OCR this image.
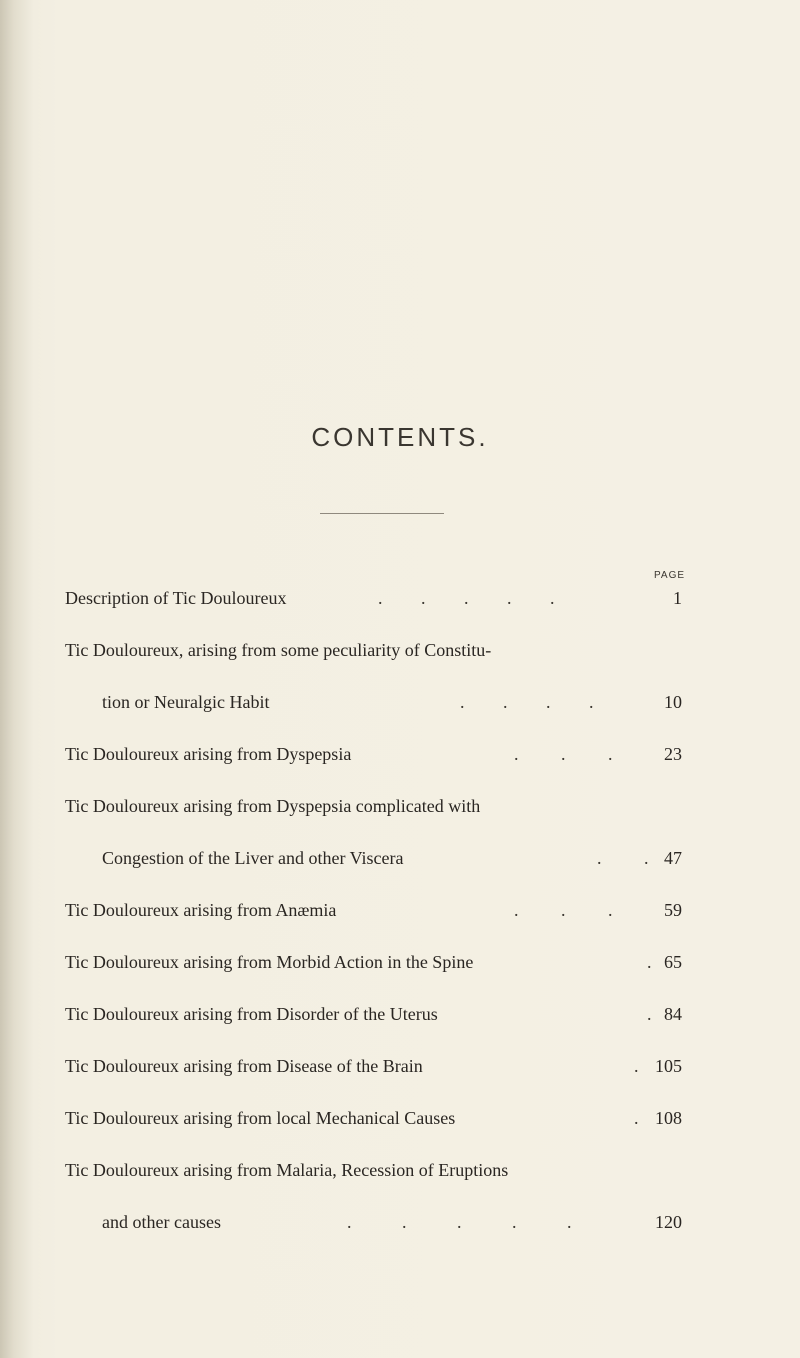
CONTENTS.
PAGE
Description of Tic Douloureux	. . . . .	1
Tic Douloureux, arising from some peculiarity of Constitu-
tion or Neuralgic Habit	. . . .	10
Tic Douloureux arising from Dyspepsia	. . .	23
Tic Douloureux arising from Dyspepsia complicated with
Congestion of the Liver and other Viscera	. . 47
Tic Douloureux arising from Anæmia	. . .	59
Tic Douloureux arising from Morbid Action in the Spine	. 65
Tic Douloureux arising from Disorder of the Uterus	. 84
Tic Douloureux arising from Disease of the Brain	. 105
Tic Douloureux arising from local Mechanical Causes	. 108
Tic Douloureux arising from Malaria, Recession of Eruptions
and other causes	. . . . .	120
